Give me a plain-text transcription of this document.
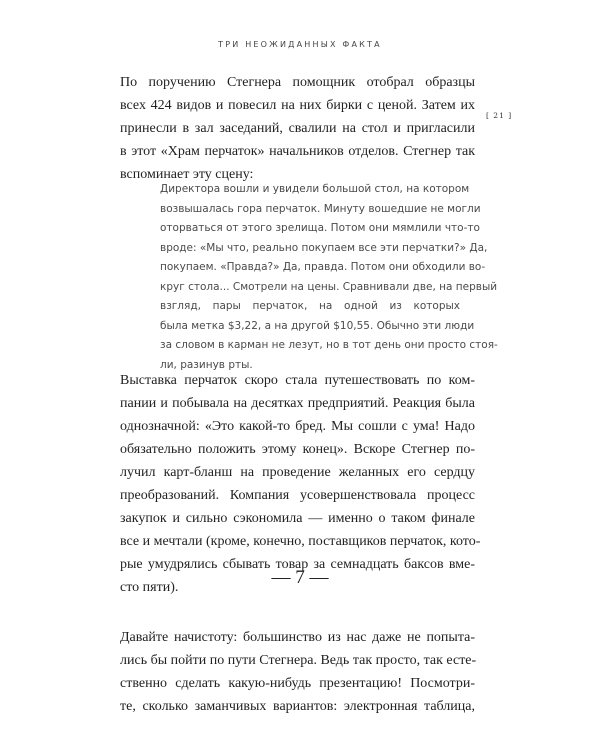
ТРИ НЕОЖИДАННЫХ ФАКТА
[ 21 ]
По поручению Стегнера помощник отобрал образцы
всех 424 видов и повесил на них бирки с ценой. Затем их
принесли в зал заседаний, свалили на стол и пригласили
в этот «Храм перчаток» начальников отделов. Стегнер так
вспоминает эту сцену:
Директора вошли и увидели большой стол, на котором
возвышалась гора перчаток. Минуту вошедшие не могли
оторваться от этого зрелища. Потом они мямлили что-то
вроде: «Мы что, реально покупаем все эти перчатки?» Да,
покупаем. «Правда?» Да, правда. Потом они обходили во-
круг стола... Смотрели на цены. Сравнивали две, на первый
взгляд, пары перчаток, на одной из которых
была метка $3,22, а на другой $10,55. Обычно эти люди
за словом в карман не лезут, но в тот день они просто стоя-
ли, разинув рты.
Выставка перчаток скоро стала путешествовать по ком-
пании и побывала на десятках предприятий. Реакция была
однозначной: «Это какой-то бред. Мы сошли с ума! Надо
обязательно положить этому конец». Вскоре Стегнер по-
лучил карт-бланш на проведение желанных его сердцу
преобразований. Компания усовершенствовала процесс
закупок и сильно сэкономила — именно о таком финале
все и мечтали (кроме, конечно, поставщиков перчаток, кото-
рые умудрялись сбывать товар за семнадцать баксов вме-
сто пяти).	— 7 —
Давайте начистоту: большинство из нас даже не попыта-
лись бы пойти по пути Стегнера. Ведь так просто, так есте-
ственно сделать какую-нибудь презентацию! Посмотри-
те, сколько заманчивых вариантов: электронная таблица,
